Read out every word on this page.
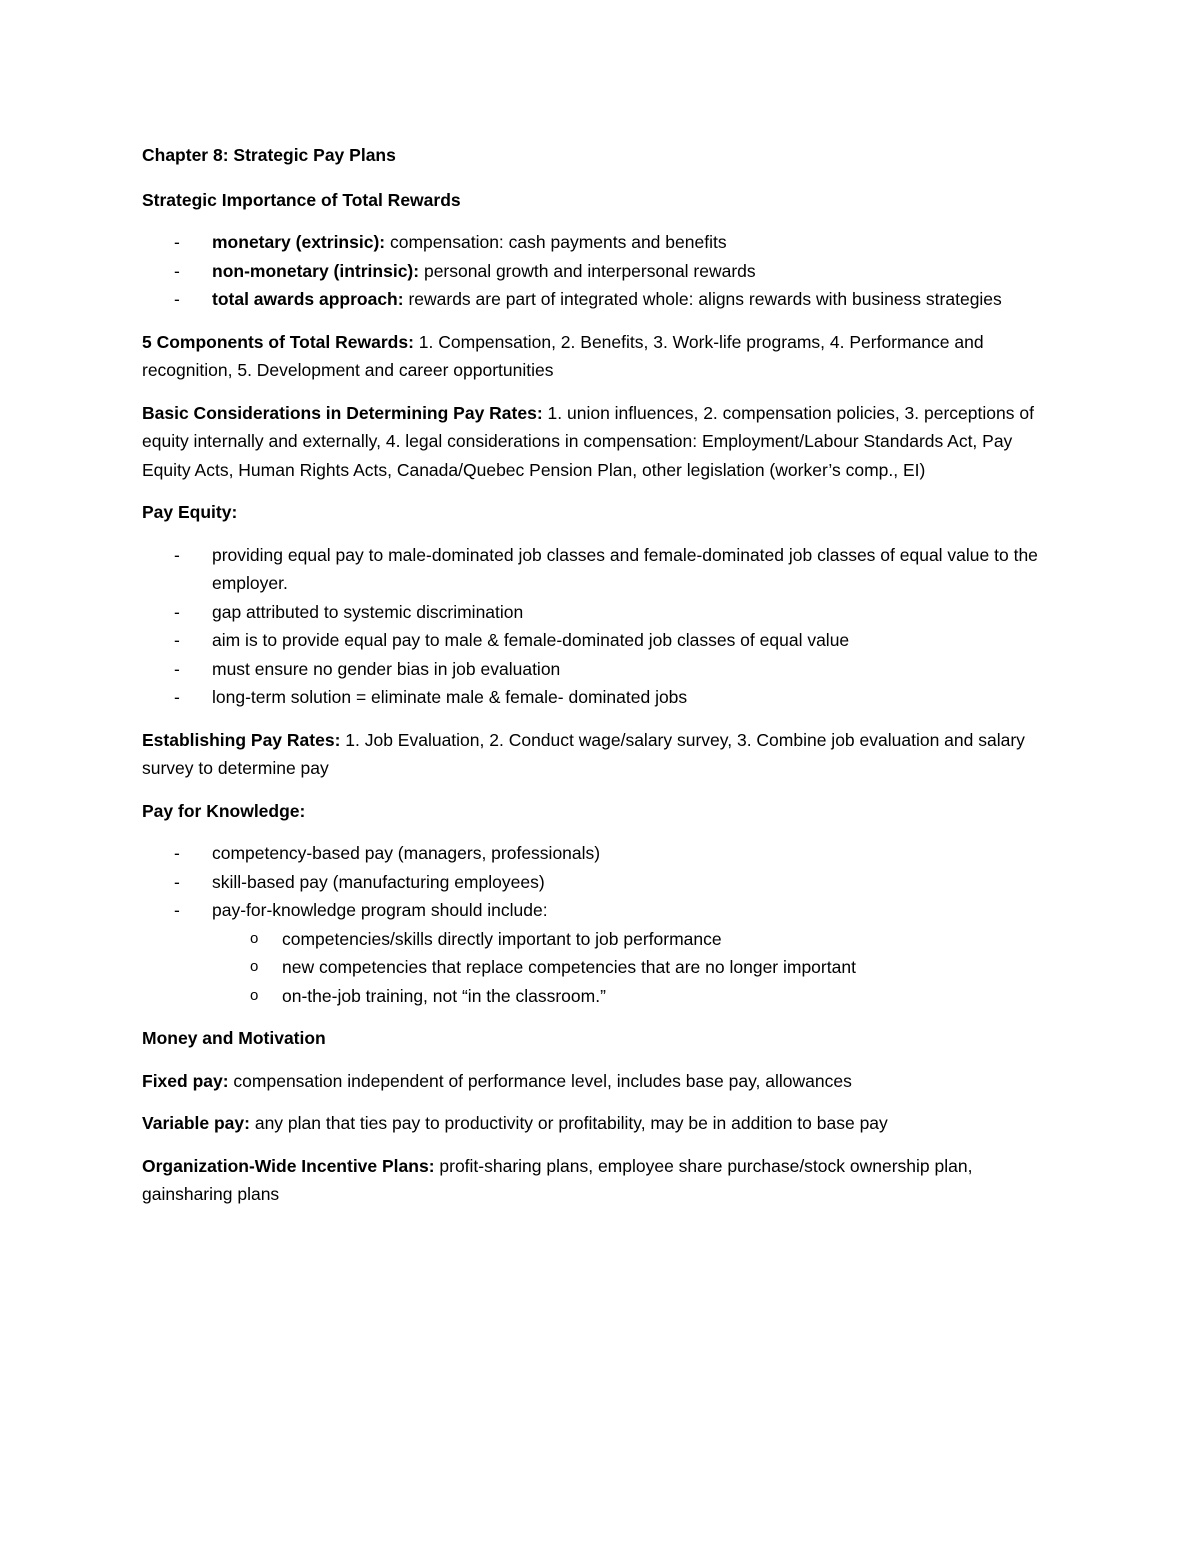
Chapter 8: Strategic Pay Plans

Strategic Importance of Total Rewards

- monetary (extrinsic): compensation: cash payments and benefits
- non-monetary (intrinsic): personal growth and interpersonal rewards
- total awards approach: rewards are part of integrated whole: aligns rewards with business strategies

5 Components of Total Rewards: 1. Compensation, 2. Benefits, 3. Work-life programs, 4. Performance and recognition, 5. Development and career opportunities

Basic Considerations in Determining Pay Rates: 1. union influences, 2. compensation policies, 3. perceptions of equity internally and externally, 4. legal considerations in compensation: Employment/Labour Standards Act, Pay Equity Acts, Human Rights Acts, Canada/Quebec Pension Plan, other legislation (worker’s comp., EI)

Pay Equity:

- providing equal pay to male-dominated job classes and female-dominated job classes of equal value to the employer.
- gap attributed to systemic discrimination
- aim is to provide equal pay to male & female-dominated job classes of equal value
- must ensure no gender bias in job evaluation
- long-term solution = eliminate male & female- dominated jobs

Establishing Pay Rates: 1. Job Evaluation, 2. Conduct wage/salary survey, 3. Combine job evaluation and salary survey to determine pay

Pay for Knowledge:

- competency-based pay (managers, professionals)
- skill-based pay (manufacturing employees)
- pay-for-knowledge program should include:
o competencies/skills directly important to job performance
o new competencies that replace competencies that are no longer important
o on-the-job training, not “in the classroom.”

Money and Motivation

Fixed pay: compensation independent of performance level, includes base pay, allowances

Variable pay: any plan that ties pay to productivity or profitability, may be in addition to base pay

Organization-Wide Incentive Plans: profit-sharing plans, employee share purchase/stock ownership plan, gainsharing plans
